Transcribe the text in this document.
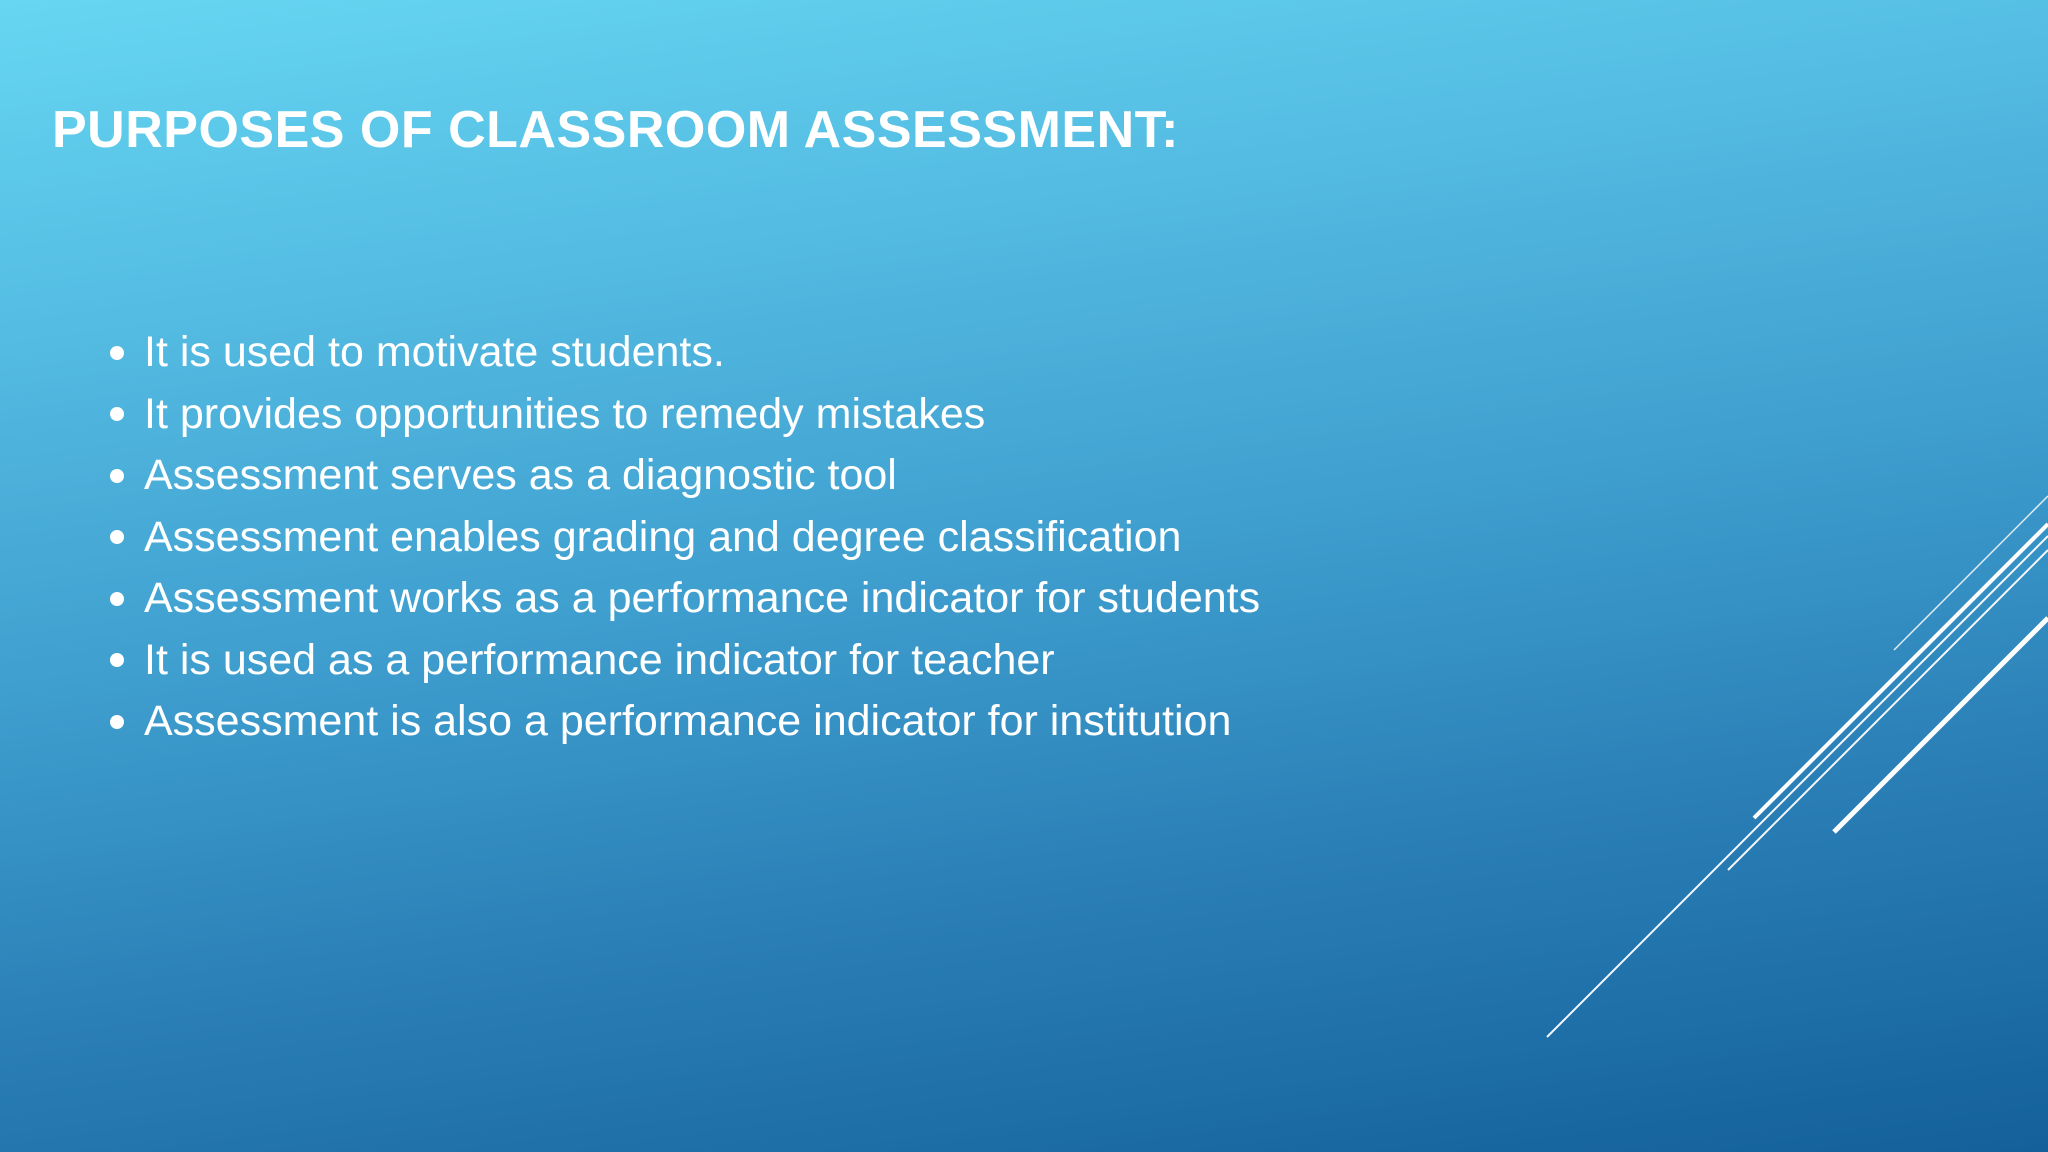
PURPOSES OF CLASSROOM ASSESSMENT:
It is used to motivate students.
It provides opportunities to remedy mistakes
Assessment serves as a diagnostic tool
Assessment enables grading and degree classification
Assessment works as a performance indicator for students
It is used as a performance indicator for teacher
Assessment is also a performance indicator for institution
